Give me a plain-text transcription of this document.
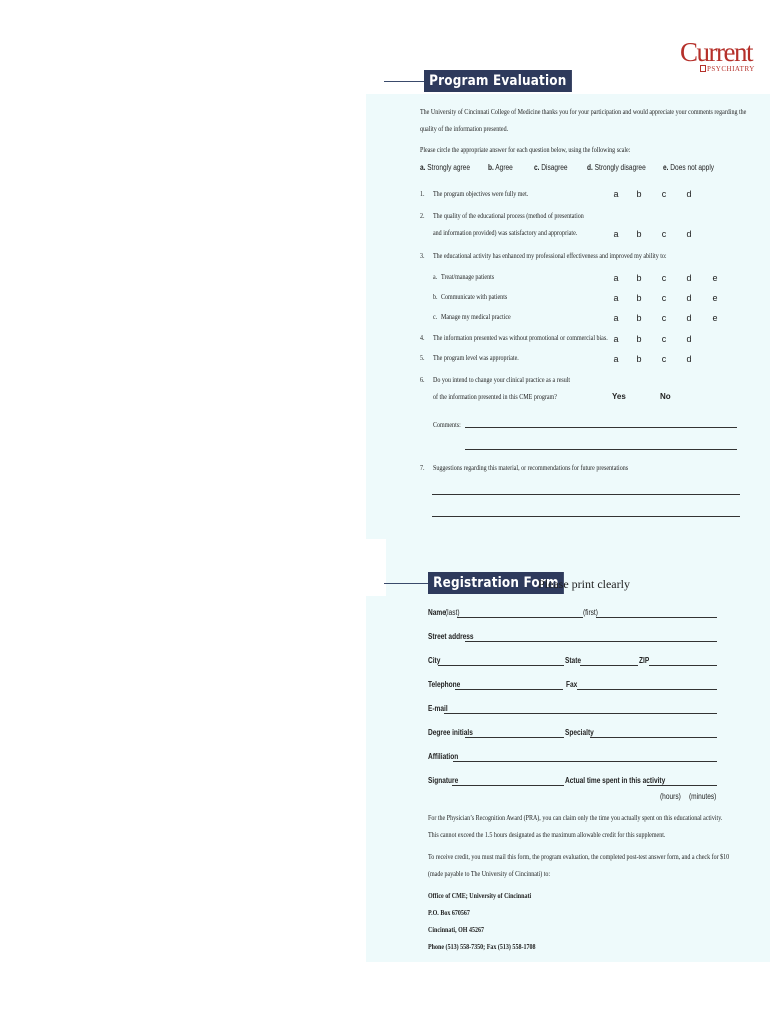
Current
PSYCHIATRY
Program Evaluation
The University of Cincinnati College of Medicine thanks you for your participation and would appreciate your comments regarding the
quality of the information presented.
Please circle the appropriate answer for each question below, using the following scale:
a. Strongly agree b. Agree	c. Disagree d. Strongly disagree e. Does not apply
1. The program objectives were fully met.	a b	c	d
2. The quality of the educational process (method of presentation
and information provided) was satisfactory and appropriate.	a b	c	d
3. The educational activity has enhanced my professional effectiveness and improved my ability to:
a. Treat/manage patients	a b	c	d e
b. Communicate with patients	a b	c	d e
c. Manage my medical practice	a b	c	d e
4. The information presented was without promotional or commercial bias. a b	c	d
5. The program level was appropriate.	a b	c	d
6. Do you intend to change your clinical practice as a result
of the information presented in this CME program?	Yes	No
Comments:
7. Suggestions regarding this material, or recommendations for future presentations
Registration Form
Please print clearly
Name (last)	(first)
Street address
City	State	ZIP
Telephone	Fax
E-mail
Degree initials	Specialty
Affiliation
Signature	Actual time spent in this activity
(hours) (minutes)
For the Physician’s Recognition Award (PRA), you can claim only the time you actually spent on this educational activity.
This cannot exceed the 1.5 hours designated as the maximum allowable credit for this supplement.
To receive credit, you must mail this form, the program evaluation, the completed post-test answer form, and a check for $10
(made payable to The University of Cincinnati) to:
Office of CME; University of Cincinnati
P.O. Box 670567
Cincinnati, OH 45267
Phone (513) 558-7350; Fax (513) 558-1708
